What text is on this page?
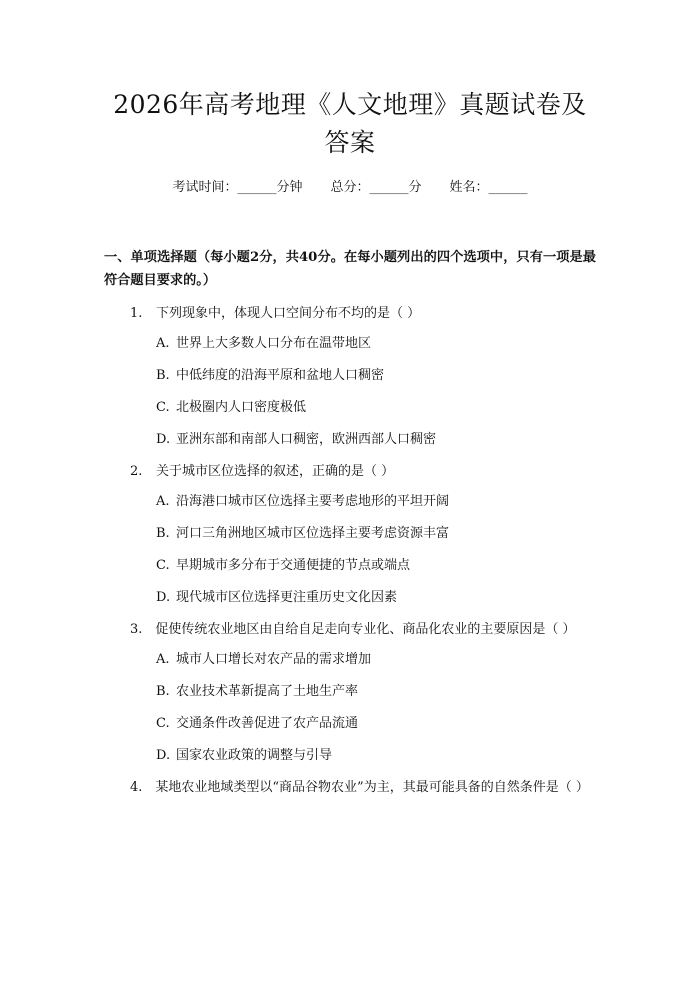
2026年高考地理《人文地理》真题试卷及答案
考试时间：______分钟 总分：______分 姓名：______
一、单项选择题（每小题2分，共40分。在每小题列出的四个选项中，只有一项是最符合题目要求的。）
1.	下列现象中，体现人口空间分布不均的是（ ）
A. 世界上大多数人口分布在温带地区
B. 中低纬度的沿海平原和盆地人口稠密
C. 北极圈内人口密度极低
D. 亚洲东部和南部人口稠密，欧洲西部人口稠密
2.	关于城市区位选择的叙述，正确的是（ ）
A. 沿海港口城市区位选择主要考虑地形的平坦开阔
B. 河口三角洲地区城市区位选择主要考虑资源丰富
C. 早期城市多分布于交通便捷的节点或端点
D. 现代城市区位选择更注重历史文化因素
3. 促使传统农业地区由自给自足走向专业化、商品化农业的主要原因是（ ）
A. 城市人口增长对农产品的需求增加
B. 农业技术革新提高了土地生产率
C. 交通条件改善促进了农产品流通
D. 国家农业政策的调整与引导
4. 某地农业地域类型以“商品谷物农业”为主，其最可能具备的自然条件是（ ）
